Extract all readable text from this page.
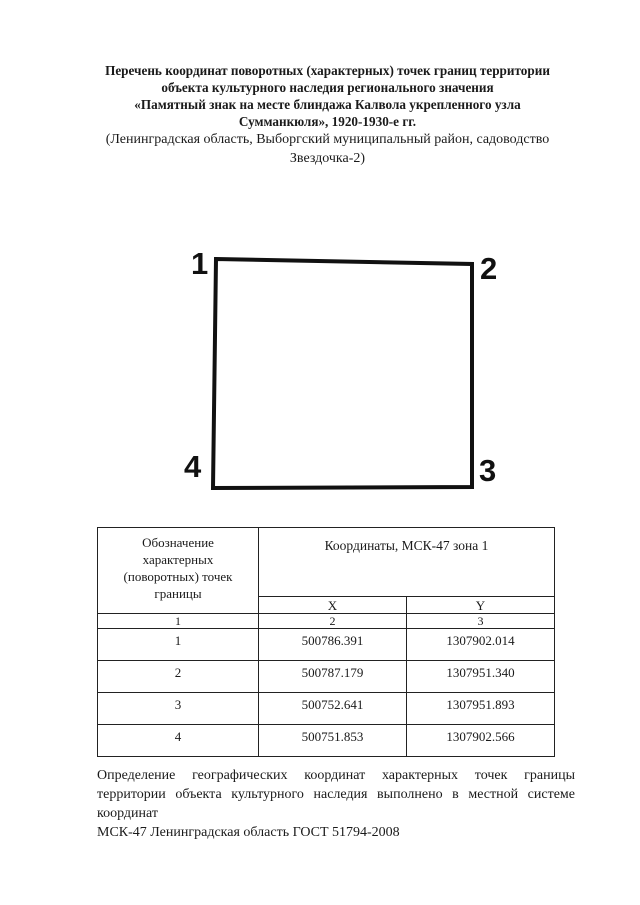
Перечень координат поворотных (характерных) точек границ территории
объекта культурного наследия регионального значения
«Памятный знак на месте блиндажа Калвола укрепленного узла
Сумманкюля», 1920-1930-е гг.
(Ленинградская область, Выборгский муниципальный район, садоводство
Звездочка-2)
1	2
3
4
Обозначение
характерных
(поворотных) точек
границы	Координаты, МСК-47 зона 1	
	X	Y
1	2	3
1	500786.391	1307902.014
2	500787.179	1307951.340
3	500752.641	1307951.893
4	500751.853	1307902.566
Определение географических координат характерных точек границы
территории объекта культурного наследия выполнено в местной системе координат
МСК-47 Ленинградская область ГОСТ 51794-2008
